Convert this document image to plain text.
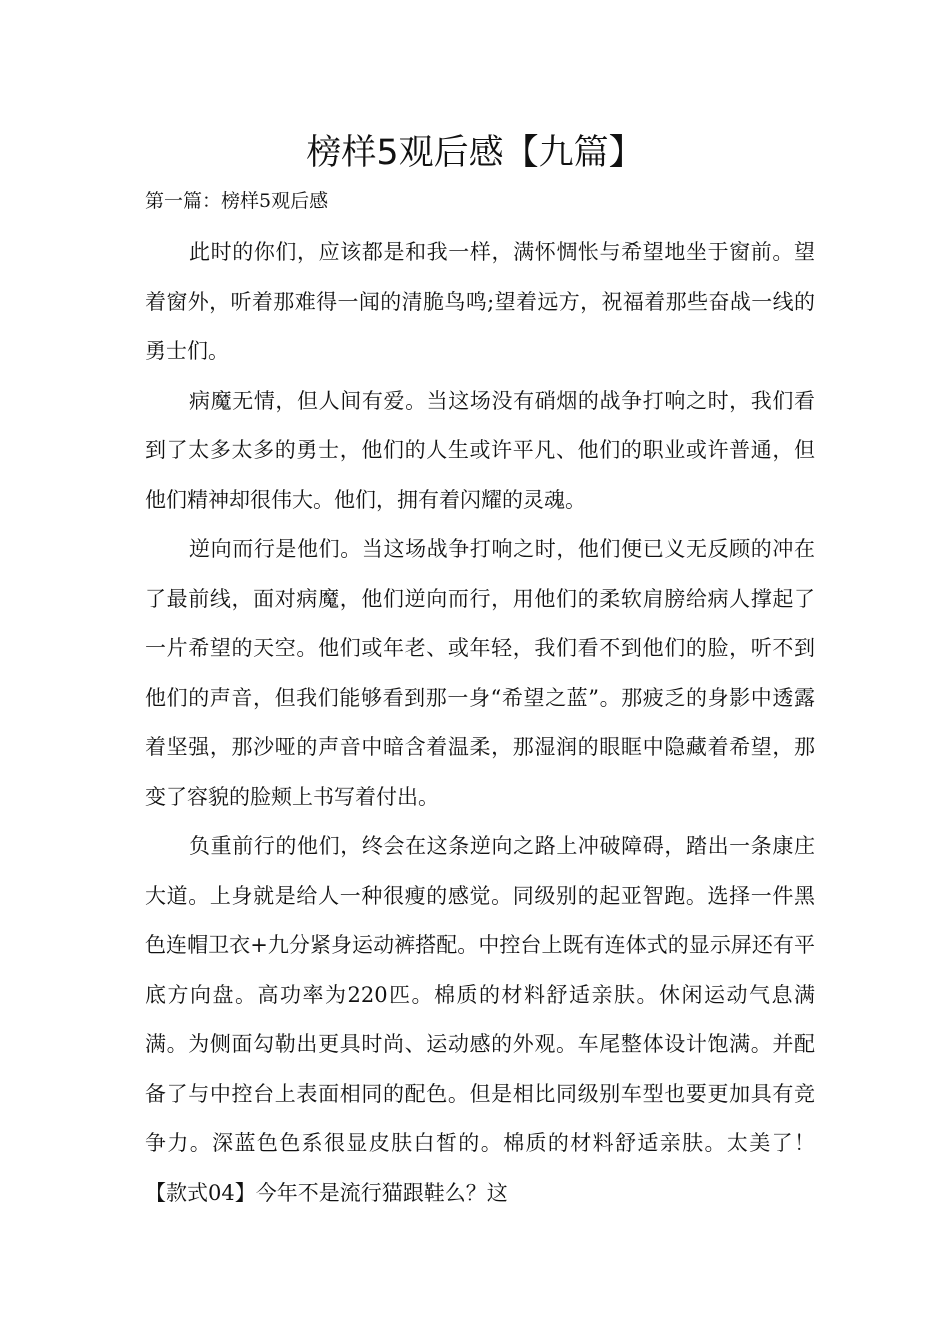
榜样5观后感【九篇】
第一篇：榜样5观后感

此时的你们，应该都是和我一样，满怀惆怅与希望地坐于窗前。望着窗外，听着那难得一闻的清脆鸟鸣;望着远方，祝福着那些奋战一线的勇士们。

病魔无情，但人间有爱。当这场没有硝烟的战争打响之时，我们看到了太多太多的勇士，他们的人生或许平凡、他们的职业或许普通，但他们精神却很伟大。他们，拥有着闪耀的灵魂。

逆向而行是他们。当这场战争打响之时，他们便已义无反顾的冲在了最前线，面对病魔，他们逆向而行，用他们的柔软肩膀给病人撑起了一片希望的天空。他们或年老、或年轻，我们看不到他们的脸，听不到他们的声音，但我们能够看到那一身“希望之蓝”。那疲乏的身影中透露着坚强，那沙哑的声音中暗含着温柔，那湿润的眼眶中隐藏着希望，那变了容貌的脸颊上书写着付出。

负重前行的他们，终会在这条逆向之路上冲破障碍，踏出一条康庄大道。上身就是给人一种很瘦的感觉。同级别的起亚智跑。选择一件黑色连帽卫衣+九分紧身运动裤搭配。中控台上既有连体式的显示屏还有平底方向盘。高功率为220匹。棉质的材料舒适亲肤。休闲运动气息满满。为侧面勾勒出更具时尚、运动感的外观。车尾整体设计饱满。并配备了与中控台上表面相同的配色。但是相比同级别车型也要更加具有竞争力。深蓝色色系很显皮肤白皙的。棉质的材料舒适亲肤。太美了！【款式04】今年不是流行猫跟鞋么？这
